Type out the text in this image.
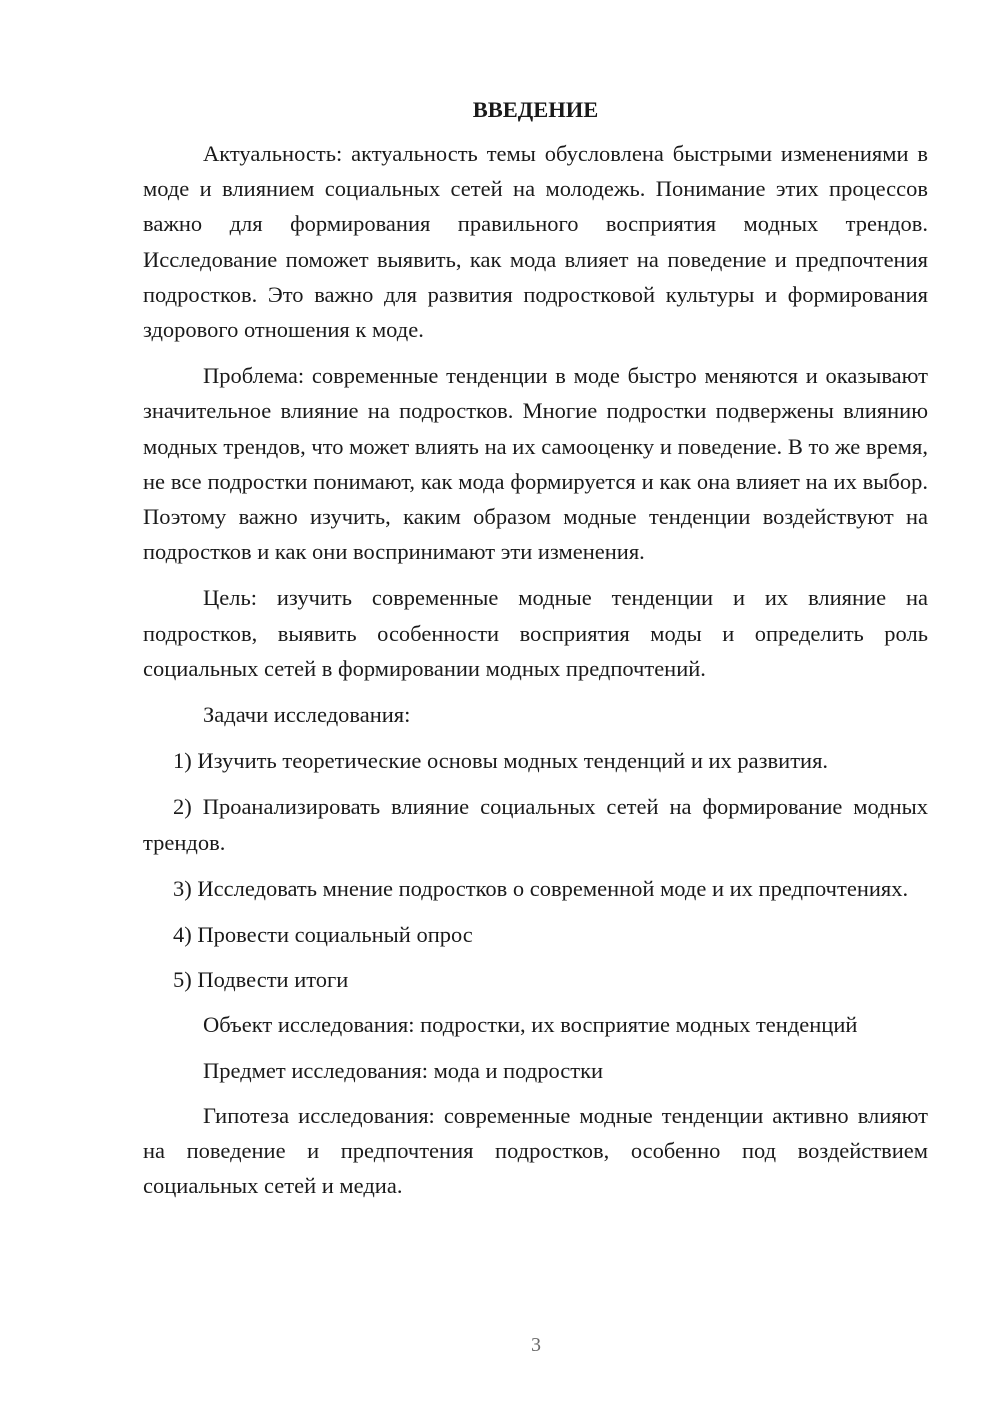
ВВЕДЕНИЕ

Актуальность: актуальность темы обусловлена быстрыми изменениями в моде и влиянием социальных сетей на молодежь. Понимание этих процессов важно для формирования правильного восприятия модных трендов. Исследование поможет выявить, как мода влияет на поведение и предпочтения подростков. Это важно для развития подростковой культуры и формирования здорового отношения к моде.

Проблема: современные тенденции в моде быстро меняются и оказывают значительное влияние на подростков. Многие подростки подвержены влиянию модных трендов, что может влиять на их самооценку и поведение. В то же время, не все подростки понимают, как мода формируется и как она влияет на их выбор. Поэтому важно изучить, каким образом модные тенденции воздействуют на подростков и как они воспринимают эти изменения.

Цель: изучить современные модные тенденции и их влияние на подростков, выявить особенности восприятия моды и определить роль социальных сетей в формировании модных предпочтений.

Задачи исследования:

1) Изучить теоретические основы модных тенденций и их развития.

2) Проанализировать влияние социальных сетей на формирование модных трендов.

3) Исследовать мнение подростков о современной моде и их предпочтениях.

4) Провести социальный опрос

5) Подвести итоги

Объект исследования: подростки, их восприятие модных тенденций

Предмет исследования: мода и подростки

Гипотеза исследования: современные модные тенденции активно влияют на поведение и предпочтения подростков, особенно под воздействием социальных сетей и медиа.

3
